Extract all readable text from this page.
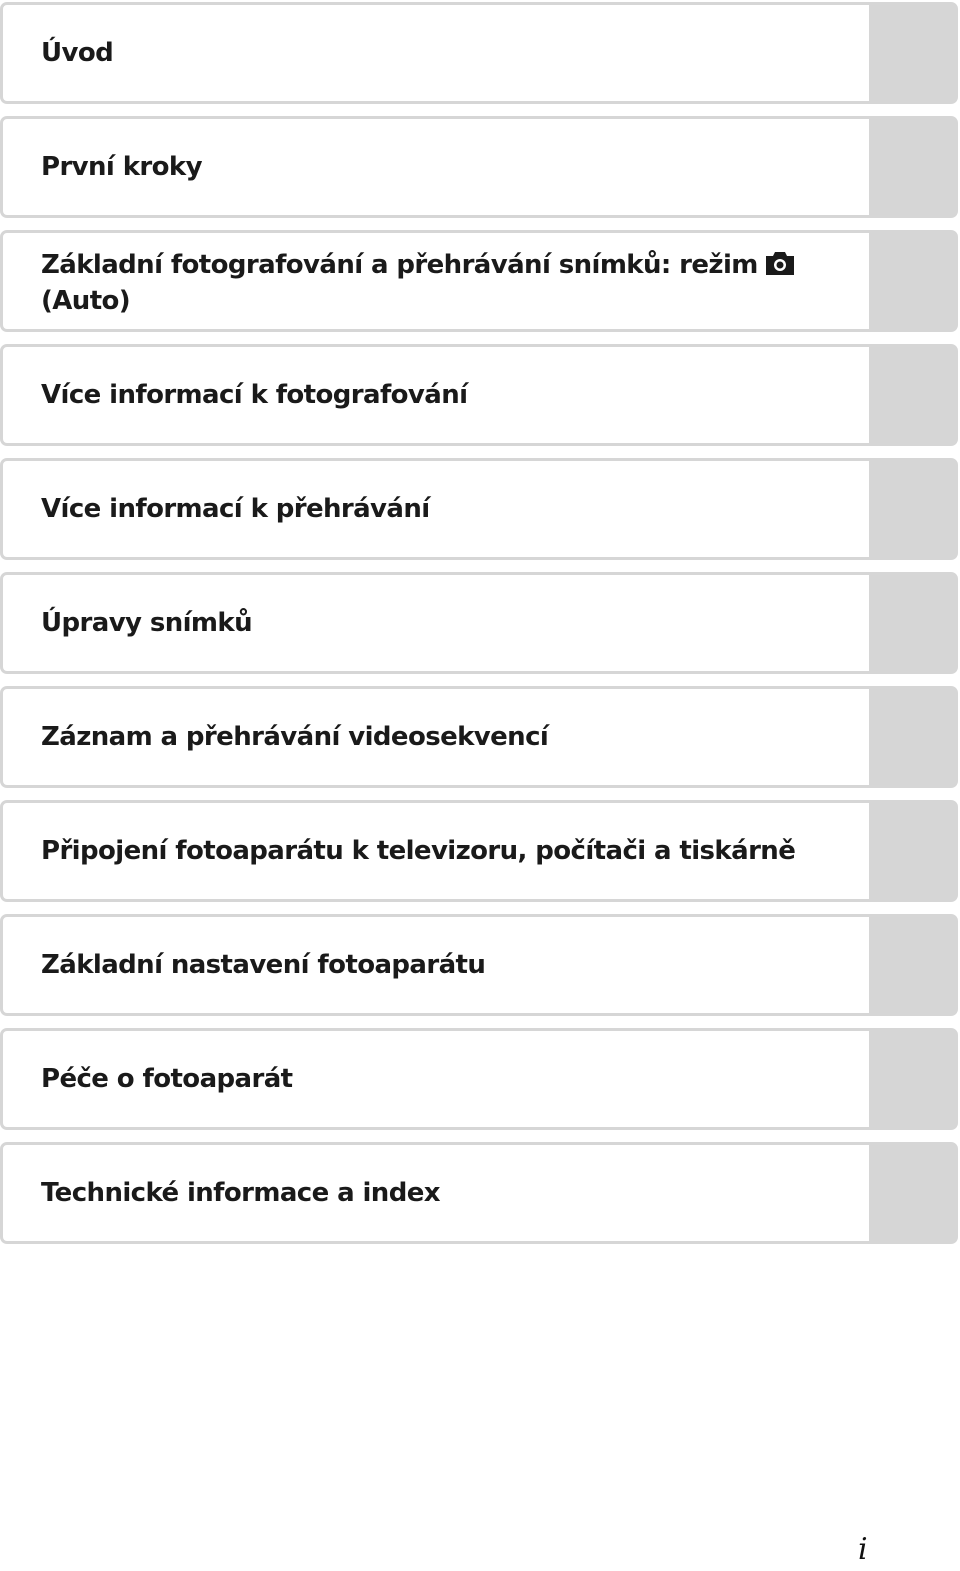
Úvod
První kroky
Základní fotografování a přehrávání snímků: režim
(Auto)
Více informací k fotografování
Více informací k přehrávání
Úpravy snímků
Záznam a přehrávání videosekvencí
Připojení fotoaparátu k televizoru, počítači a tiskárně
Základní nastavení fotoaparátu
Péče o fotoaparát
Technické informace a index
i
